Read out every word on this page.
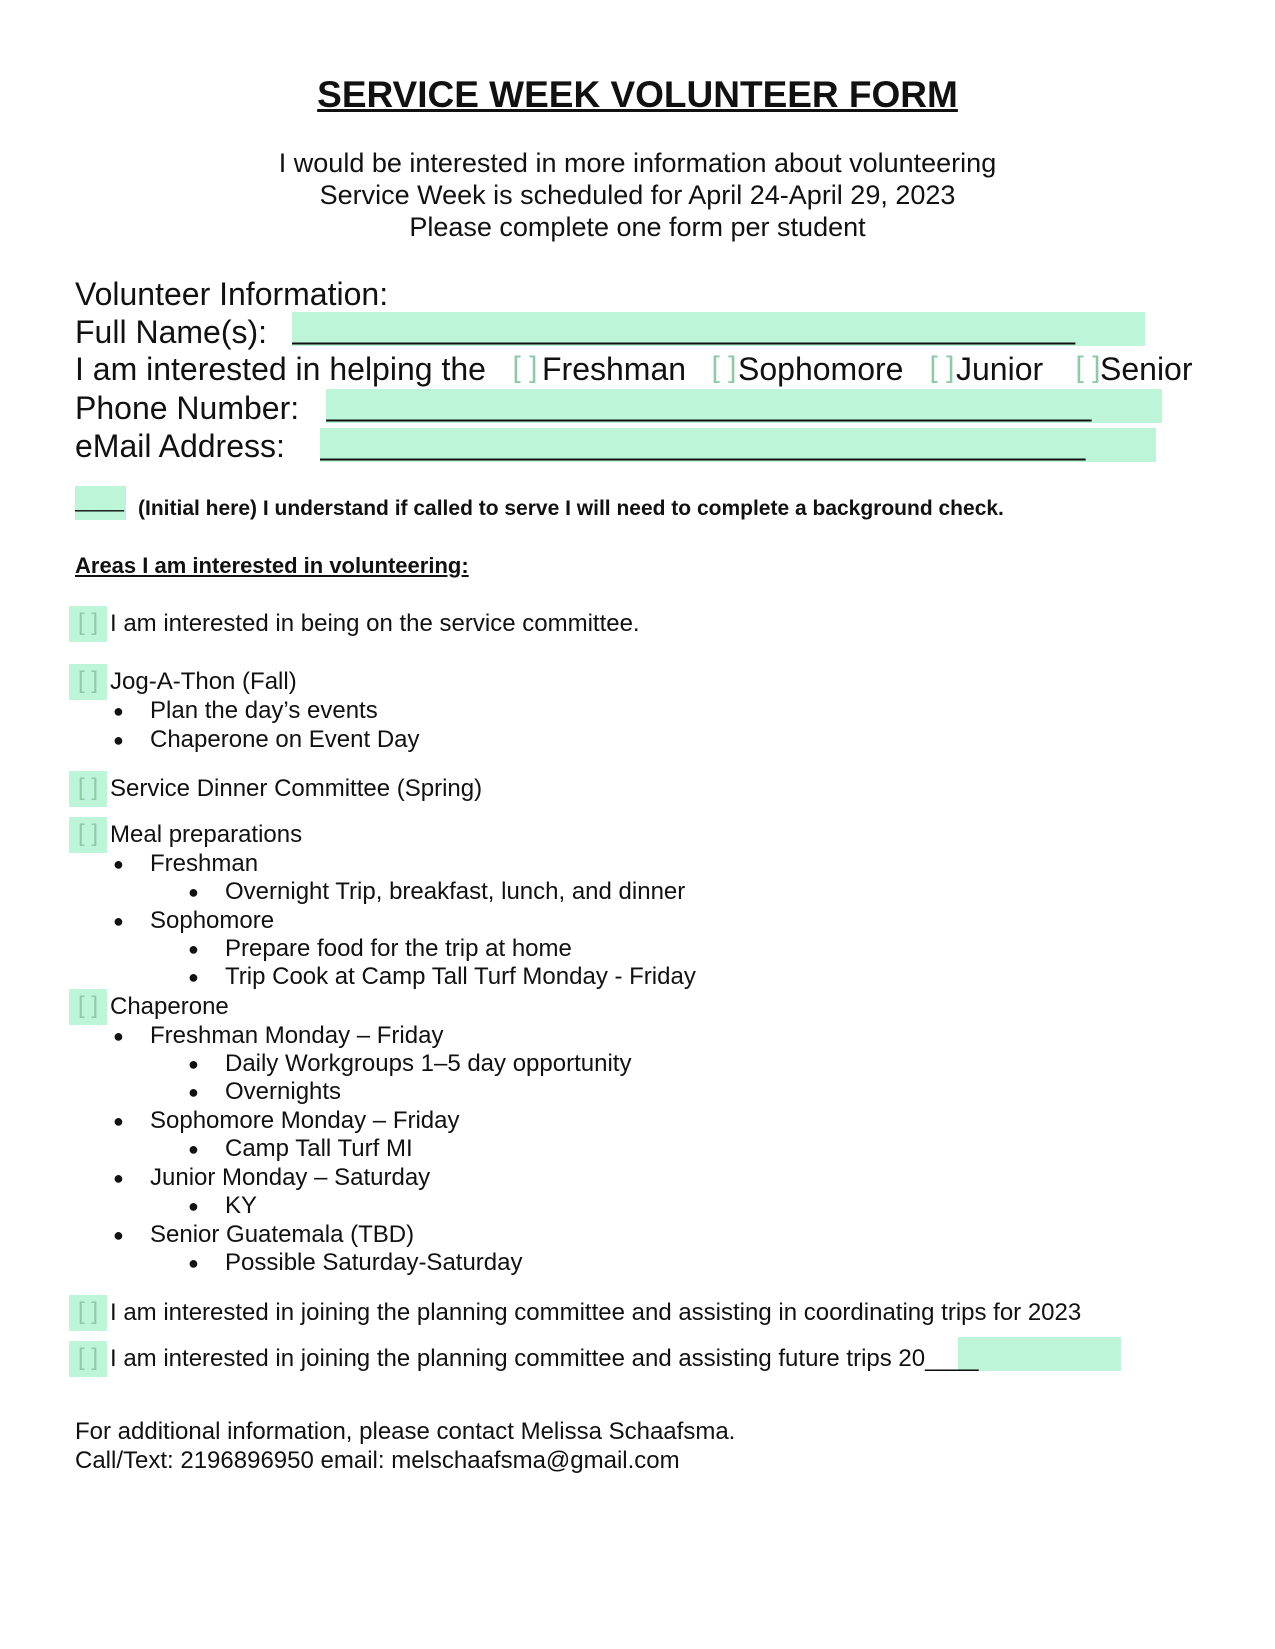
SERVICE WEEK VOLUNTEER FORM
I would be interested in more information about volunteering
Service Week is scheduled for April 24-April 29, 2023
Please complete one form per student
Volunteer Information:
Full Name(s): ____________________________________________
I am interested in helping the [ ] Freshman [ ] Sophomore [ ] Junior [ ] Senior
Phone Number: ___________________________________________
eMail Address: ___________________________________________
____ (Initial here) I understand if called to serve I will need to complete a background check.
Areas I am interested in volunteering:
[ ] I am interested in being on the service committee.
[ ] Jog-A-Thon (Fall)
● Plan the day’s events
● Chaperone on Event Day
[ ] Service Dinner Committee (Spring)
[ ] Meal preparations
● Freshman
● Overnight Trip, breakfast, lunch, and dinner
● Sophomore
● Prepare food for the trip at home
● Trip Cook at Camp Tall Turf Monday - Friday
[ ] Chaperone
● Freshman Monday – Friday
● Daily Workgroups 1–5 day opportunity
● Overnights
● Sophomore Monday – Friday
● Camp Tall Turf MI
● Junior Monday – Saturday
● KY
● Senior Guatemala (TBD)
● Possible Saturday-Saturday
[ ] I am interested in joining the planning committee and assisting in coordinating trips for 2023
[ ] I am interested in joining the planning committee and assisting future trips 20____
For additional information, please contact Melissa Schaafsma.
Call/Text: 2196896950 email: melschaafsma@gmail.com
